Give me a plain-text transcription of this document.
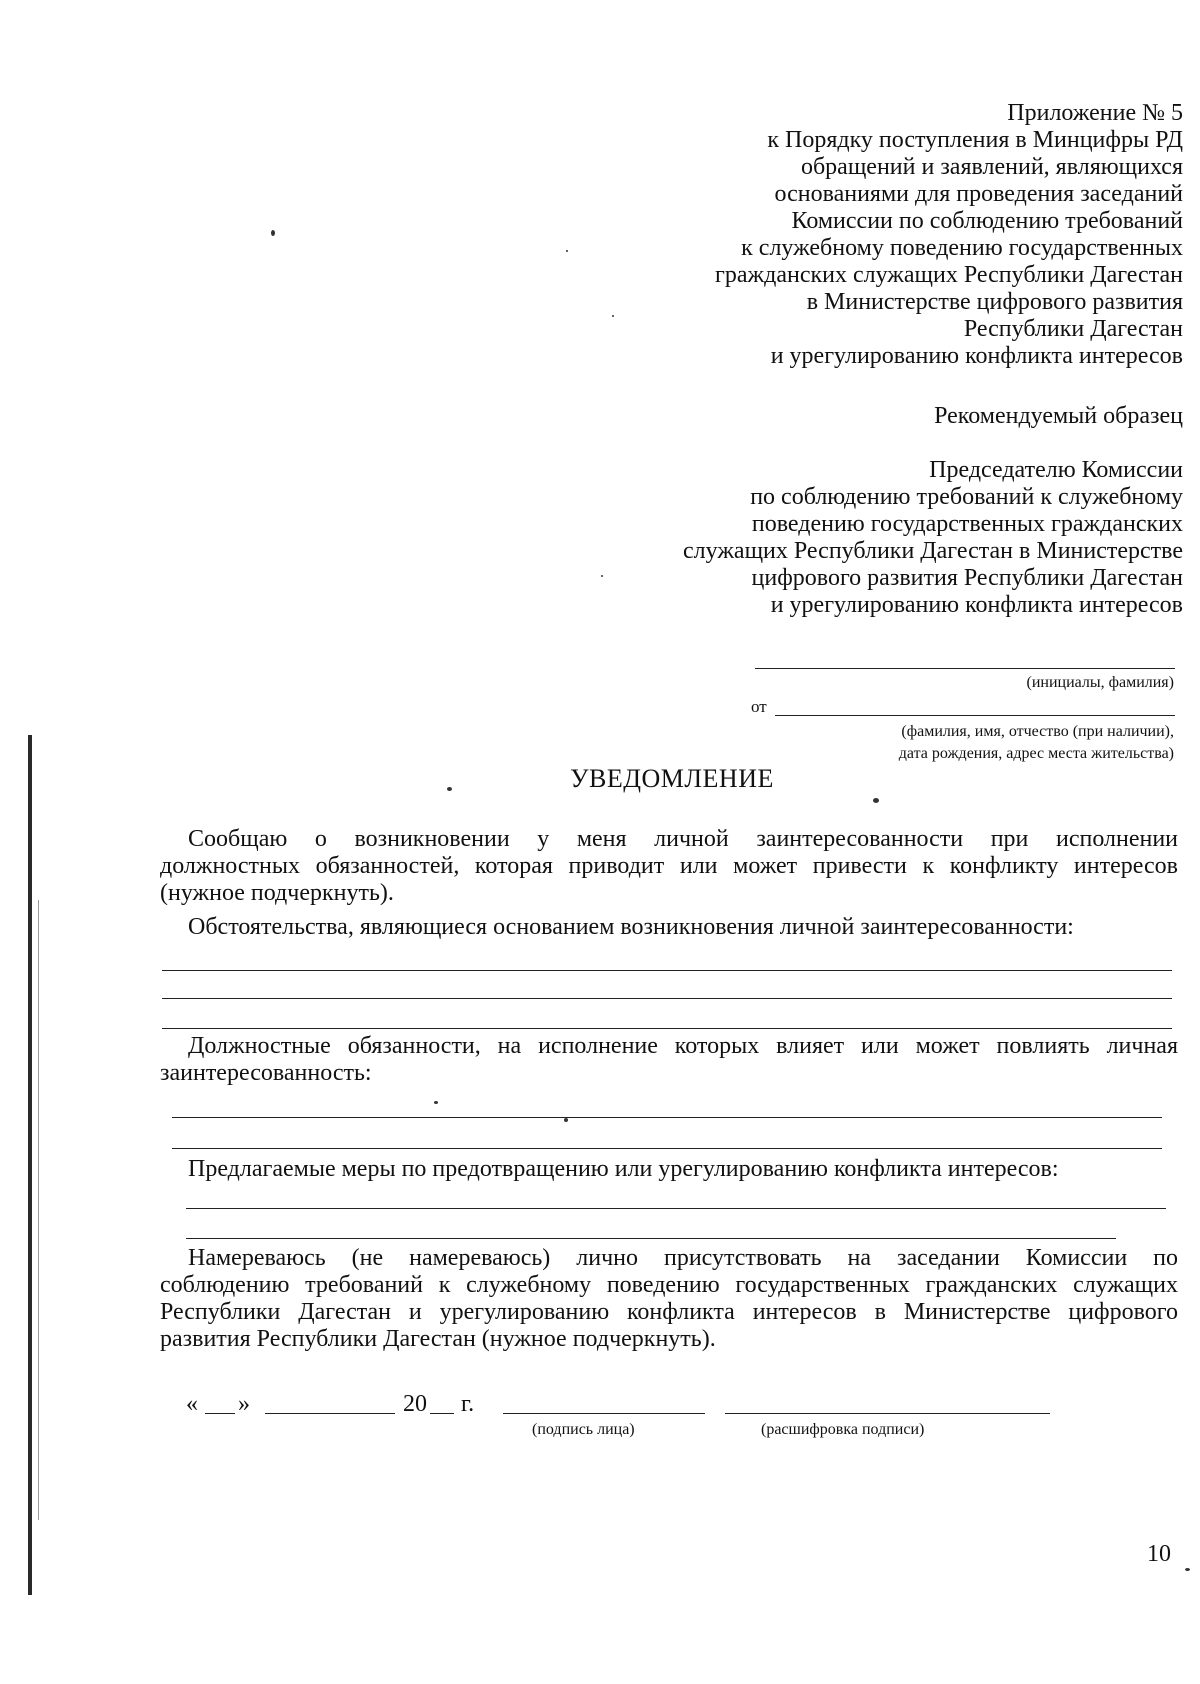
Приложение № 5
к Порядку поступления в Минцифры РД
обращений и заявлений, являющихся
основаниями для проведения заседаний
Комиссии по соблюдению требований
к служебному поведению государственных
гражданских служащих Республики Дагестан
в Министерстве цифрового развития
Республики Дагестан
и урегулированию конфликта интересов
Рекомендуемый образец
Председателю Комиссии
по соблюдению требований к служебному
поведению государственных гражданских
служащих Республики Дагестан в Министерстве
цифрового развития Республики Дагестан
и урегулированию конфликта интересов
(инициалы, фамилия)
от
(фамилия, имя, отчество (при наличии),
дата рождения, адрес места жительства)
УВЕДОМЛЕНИЕ
Сообщаю о возникновении у меня личной заинтересованности при исполнении
должностных обязанностей, которая приводит или может привести к конфликту интересов (нужное подчеркнуть).
Обстоятельства, являющиеся основанием возникновения личной заинтересованности:
Должностные обязанности, на исполнение которых влияет или может повлиять личная
заинтересованность:
Предлагаемые меры по предотвращению или урегулированию конфликта интересов:
Намереваюсь (не намереваюсь) лично присутствовать на заседании Комиссии по
соблюдению требований к служебному поведению государственных гражданских служащих Республики Дагестан и урегулированию конфликта интересов в Министерстве цифрового развития Республики Дагестан (нужное подчеркнуть).
« »	20 г.
(подпись лица)	(расшифровка подписи)
10
